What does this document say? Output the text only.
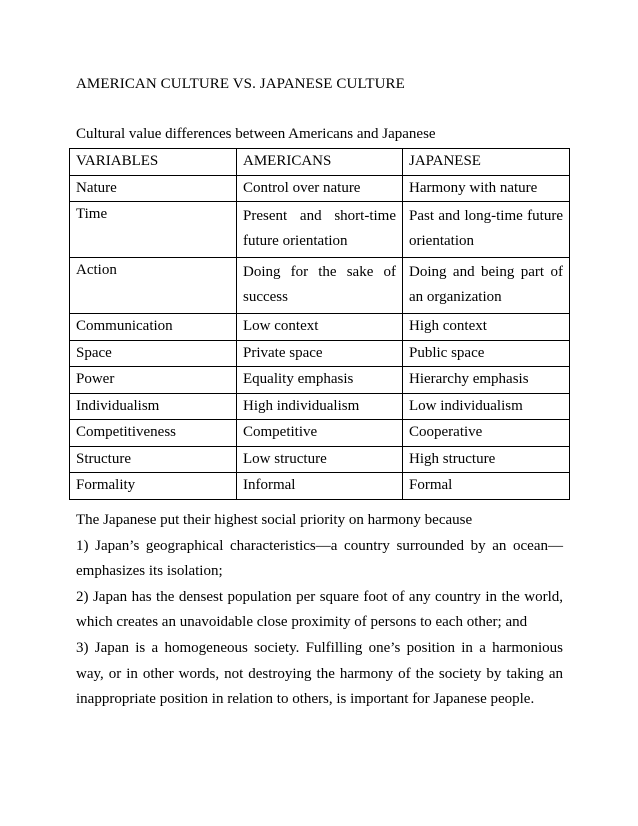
AMERICAN CULTURE VS. JAPANESE CULTURE
Cultural value differences between Americans and Japanese
VARIABLES	AMERICANS	JAPANESE
Nature	Control over nature	Harmony with nature
Time	Present and short-time future orientation	Past and long-time future orientation
Action	Doing for the sake of success	Doing and being part of an organization
Communication	Low context	High context
Space	Private space	Public space
Power	Equality emphasis	Hierarchy emphasis
Individualism	High individualism	Low individualism
Competitiveness	Competitive	Cooperative
Structure	Low structure	High structure
Formality	Informal	Formal

The Japanese put their highest social priority on harmony because

1) Japan’s geographical characteristics—a country surrounded by an ocean—emphasizes its isolation;

2) Japan has the densest population per square foot of any country in the world, which creates an unavoidable close proximity of persons to each other; and

3) Japan is a homogeneous society. Fulfilling one’s position in a harmonious way, or in other words, not destroying the harmony of the society by taking an inappropriate position in relation to others, is important for Japanese people.
